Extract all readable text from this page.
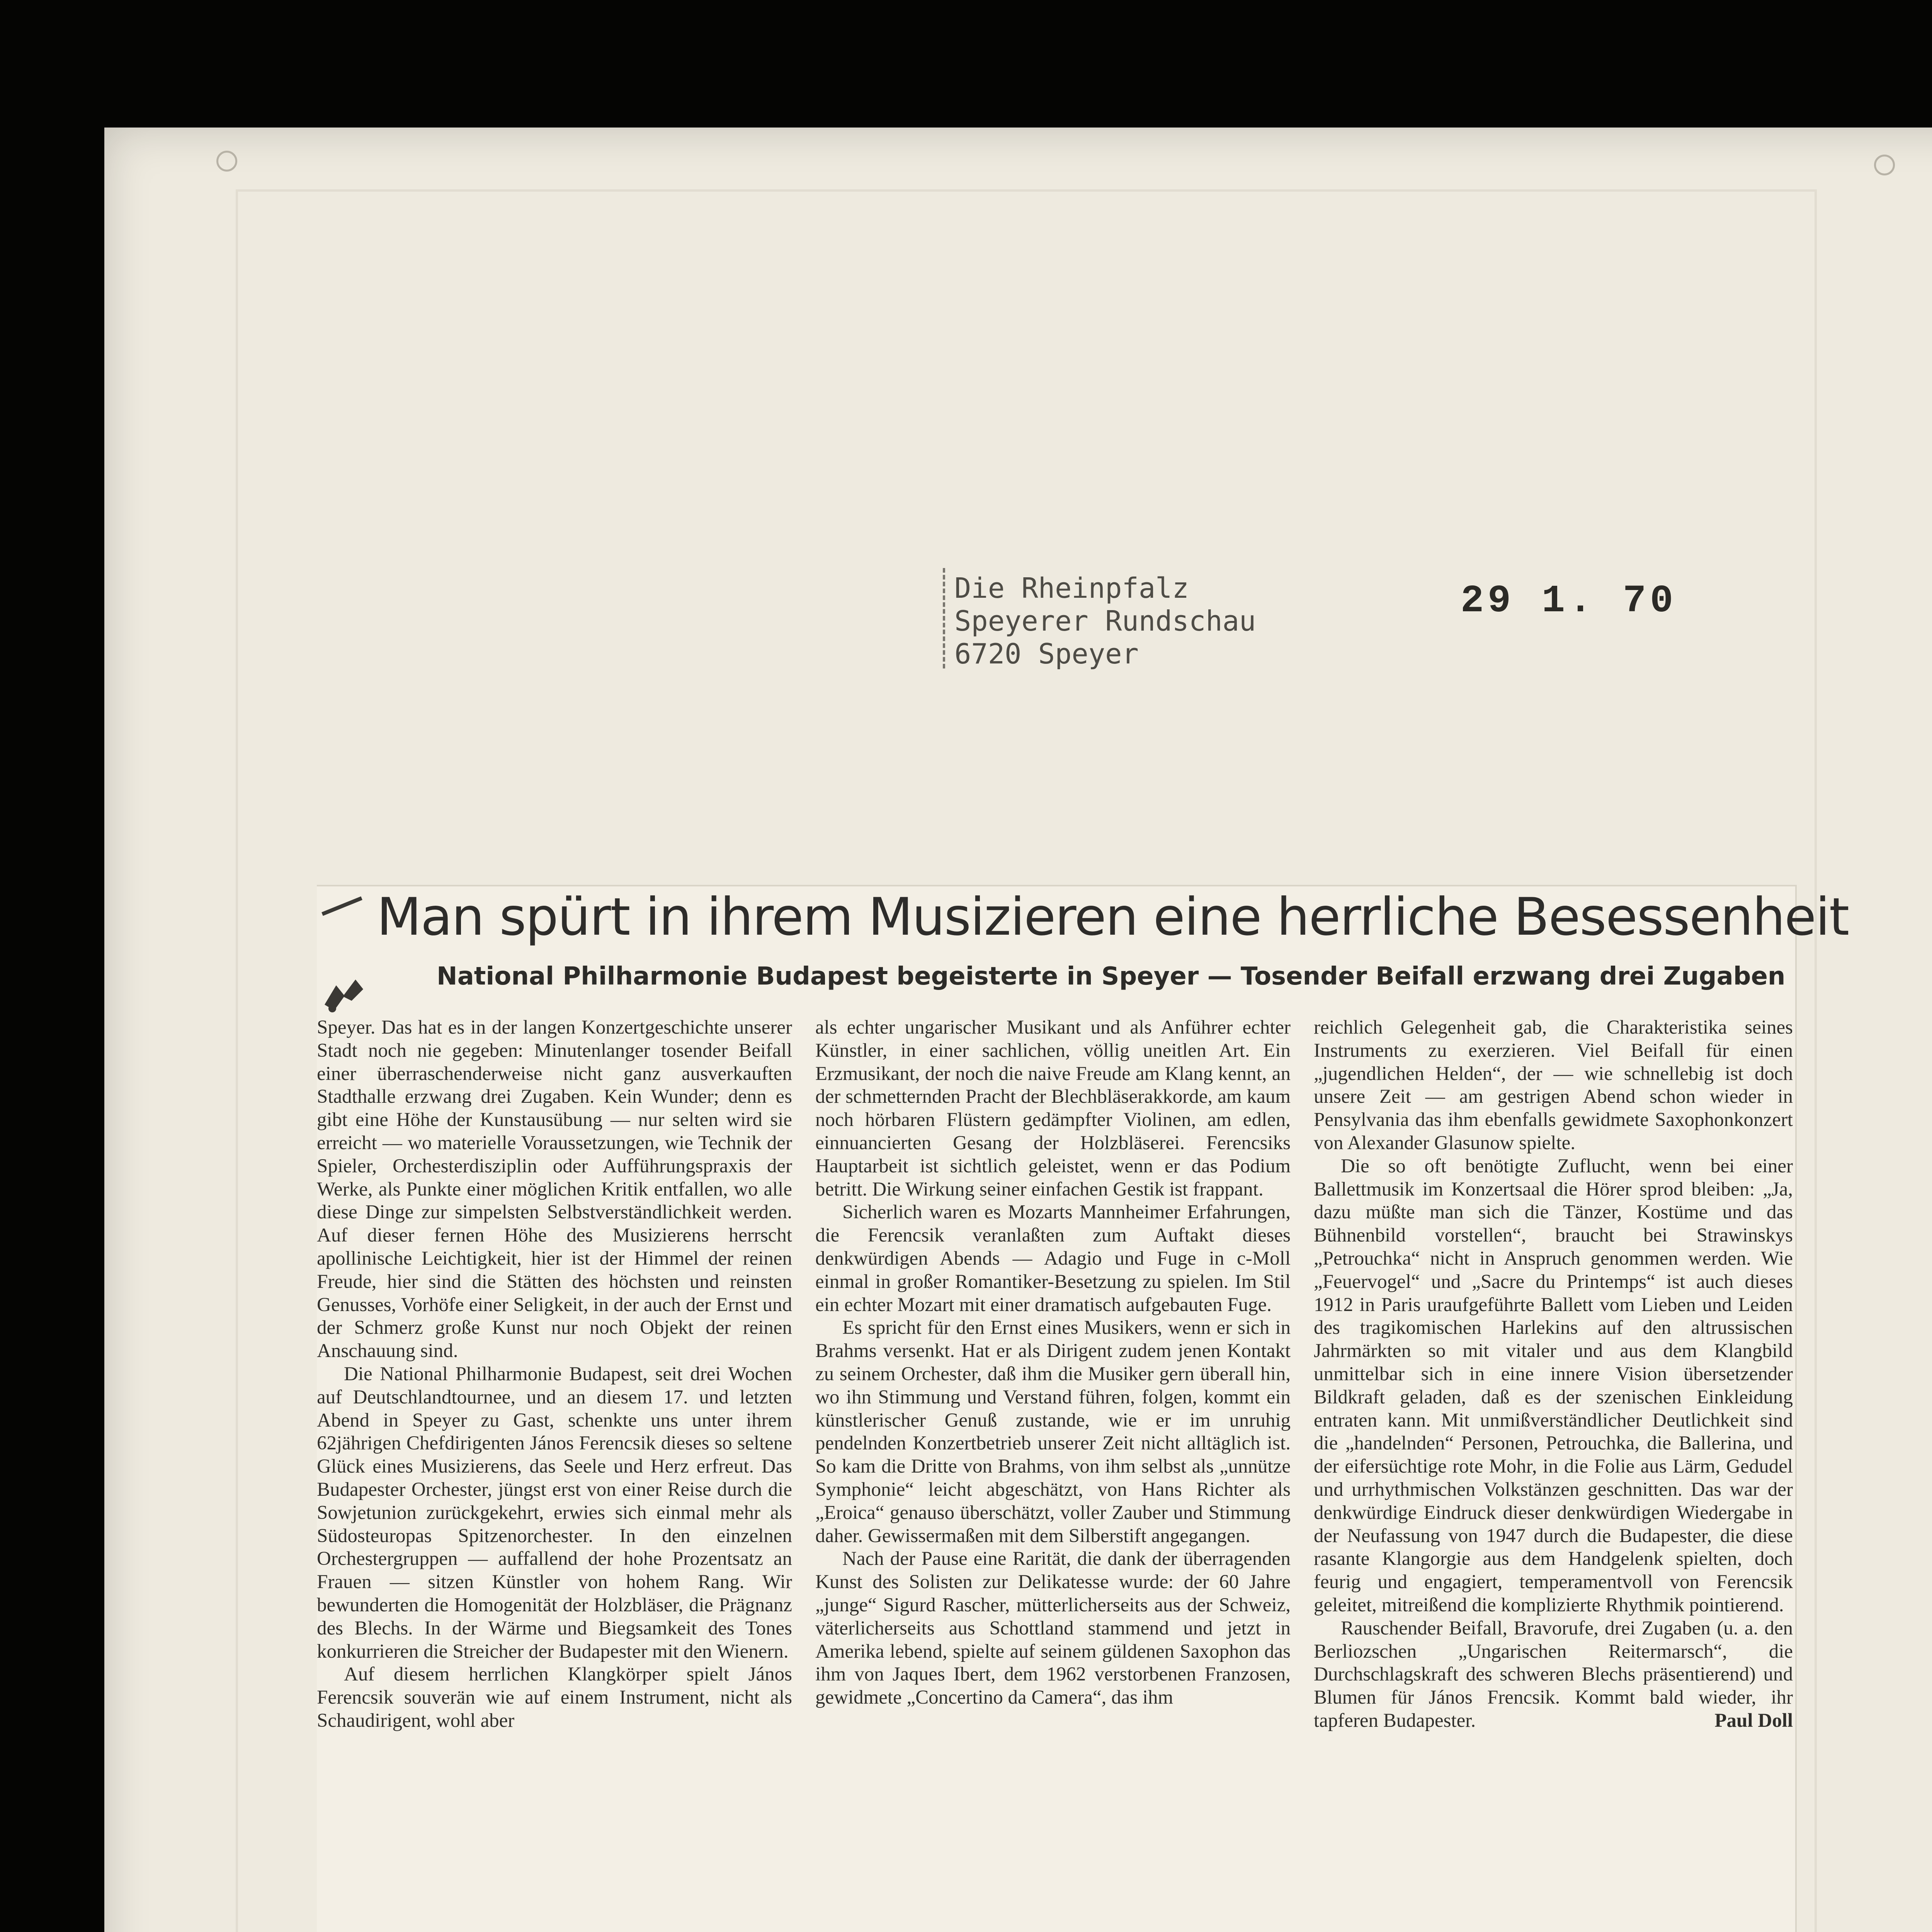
Die Rheinpfalz
Speyerer Rundschau
6720 Speyer
29 1. 70
Man spürt in ihrem Musizieren eine herrliche Besessenheit
National Philharmonie Budapest begeisterte in Speyer — Tosender Beifall erzwang drei Zugaben

Speyer. Das hat es in der langen Konzertgeschichte unserer Stadt noch nie gegeben: Minutenlanger tosender Beifall einer überraschenderweise nicht ganz ausverkauften Stadthalle erzwang drei Zugaben. Kein Wunder; denn es gibt eine Höhe der Kunstausübung — nur selten wird sie erreicht — wo materielle Voraussetzungen, wie Technik der Spieler, Orchesterdisziplin oder Aufführungspraxis der Werke, als Punkte einer möglichen Kritik entfallen, wo alle diese Dinge zur simpelsten Selbstverständlichkeit werden. Auf dieser fernen Höhe des Musizierens herrscht apollinische Leichtigkeit, hier ist der Himmel der reinen Freude, hier sind die Stätten des höchsten und reinsten Genusses, Vorhöfe einer Seligkeit, in der auch der Ernst und der Schmerz große Kunst nur noch Objekt der reinen Anschauung sind.

Die National Philharmonie Budapest, seit drei Wochen auf Deutschlandtournee, und an diesem 17. und letzten Abend in Speyer zu Gast, schenkte uns unter ihrem 62jährigen Chefdirigenten János Ferencsik dieses so seltene Glück eines Musizierens, das Seele und Herz erfreut. Das Budapester Orchester, jüngst erst von einer Reise durch die Sowjetunion zurückgekehrt, erwies sich einmal mehr als Südosteuropas Spitzenorchester. In den einzelnen Orchestergruppen — auffallend der hohe Prozentsatz an Frauen — sitzen Künstler von hohem Rang. Wir bewunderten die Homogenität der Holzbläser, die Prägnanz des Blechs. In der Wärme und Biegsamkeit des Tones konkurrieren die Streicher der Budapester mit den Wienern.

Auf diesem herrlichen Klangkörper spielt János Ferencsik souverän wie auf einem Instrument, nicht als Schaudirigent, wohl aber

als echter ungarischer Musikant und als Anführer echter Künstler, in einer sachlichen, völlig uneitlen Art. Ein Erzmusikant, der noch die naive Freude am Klang kennt, an der schmetternden Pracht der Blechbläserakkorde, am kaum noch hörbaren Flüstern gedämpfter Violinen, am edlen, einnuancierten Gesang der Holzbläserei. Ferencsiks Hauptarbeit ist sichtlich geleistet, wenn er das Podium betritt. Die Wirkung seiner einfachen Gestik ist frappant.

Sicherlich waren es Mozarts Mannheimer Erfahrungen, die Ferencsik veranlaßten zum Auftakt dieses denkwürdigen Abends — Adagio und Fuge in c-Moll einmal in großer Romantiker-Besetzung zu spielen. Im Stil ein echter Mozart mit einer dramatisch aufgebauten Fuge.

Es spricht für den Ernst eines Musikers, wenn er sich in Brahms versenkt. Hat er als Dirigent zudem jenen Kontakt zu seinem Orchester, daß ihm die Musiker gern überall hin, wo ihn Stimmung und Verstand führen, folgen, kommt ein künstlerischer Genuß zustande, wie er im unruhig pendelnden Konzertbetrieb unserer Zeit nicht alltäglich ist. So kam die Dritte von Brahms, von ihm selbst als „unnütze Symphonie“ leicht abgeschätzt, von Hans Richter als „Eroica“ genauso überschätzt, voller Zauber und Stimmung daher. Gewissermaßen mit dem Silberstift angegangen.

Nach der Pause eine Rarität, die dank der überragenden Kunst des Solisten zur Delikatesse wurde: der 60 Jahre „junge“ Sigurd Rascher, mütterlicherseits aus der Schweiz, väterlicherseits aus Schottland stammend und jetzt in Amerika lebend, spielte auf seinem güldenen Saxophon das ihm von Jaques Ibert, dem 1962 verstorbenen Franzosen, gewidmete „Concertino da Camera“, das ihm

reichlich Gelegenheit gab, die Charakteristika seines Instruments zu exerzieren. Viel Beifall für einen „jugendlichen Helden“, der — wie schnellebig ist doch unsere Zeit — am gestrigen Abend schon wieder in Pensylvania das ihm ebenfalls gewidmete Saxophonkonzert von Alexander Glasunow spielte.

Die so oft benötigte Zuflucht, wenn bei einer Ballettmusik im Konzertsaal die Hörer sprod bleiben: „Ja, dazu müßte man sich die Tänzer, Kostüme und das Bühnenbild vorstellen“, braucht bei Strawinskys „Petrouchka“ nicht in Anspruch genommen werden. Wie „Feuervogel“ und „Sacre du Printemps“ ist auch dieses 1912 in Paris uraufgeführte Ballett vom Lieben und Leiden des tragikomischen Harlekins auf den altrussischen Jahrmärkten so mit vitaler und aus dem Klangbild unmittelbar sich in eine innere Vision übersetzender Bildkraft geladen, daß es der szenischen Einkleidung entraten kann. Mit unmißverständlicher Deutlichkeit sind die „handelnden“ Personen, Petrouchka, die Ballerina, und der eifersüchtige rote Mohr, in die Folie aus Lärm, Gedudel und urrhythmischen Volkstänzen geschnitten. Das war der denkwürdige Eindruck dieser denkwürdigen Wiedergabe in der Neufassung von 1947 durch die Budapester, die diese rasante Klangorgie aus dem Handgelenk spielten, doch feurig und engagiert, temperamentvoll von Ferencsik geleitet, mitreißend die komplizierte Rhythmik pointierend.

Rauschender Beifall, Bravorufe, drei Zugaben (u. a. den Berliozschen „Ungarischen Reitermarsch“, die Durchschlagskraft des schweren Blechs präsentierend) und Blumen für János Frencsik. Kommt bald wieder, ihr tapferen Budapester.	Paul Doll
